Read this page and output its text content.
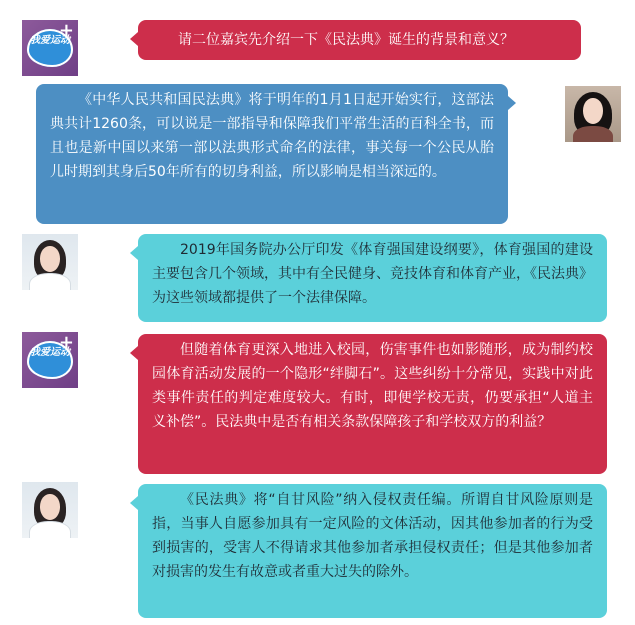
我爱运动
+	请二位嘉宾先介绍一下《民法典》诞生的背景和意义？

《中华人民共和国民法典》将于明年的1月1日起开始实行，这部法典共计1260条，可以说是一部指导和保障我们平常生活的百科全书，而且也是新中国以来第一部以法典形式命名的法律，事关每一个公民从胎儿时期到其身后50年所有的切身利益，所以影响是相当深远的。

2019年国务院办公厅印发《体育强国建设纲要》，体育强国的建设主要包含几个领域，其中有全民健身、竞技体育和体育产业，《民法典》为这些领域都提供了一个法律保障。

我爱运动
+	但随着体育更深入地进入校园，伤害事件也如影随形，成为制约校园体育活动发展的一个隐形“绊脚石”。这些纠纷十分常见，实践中对此类事件责任的判定难度较大。有时，即便学校无责，仍要承担“人道主义补偿”。民法典中是否有相关条款保障孩子和学校双方的利益？

《民法典》将“自甘风险”纳入侵权责任编。所谓自甘风险原则是指，当事人自愿参加具有一定风险的文体活动，因其他参加者的行为受到损害的，受害人不得请求其他参加者承担侵权责任；但是其他参加者对损害的发生有故意或者重大过失的除外。
